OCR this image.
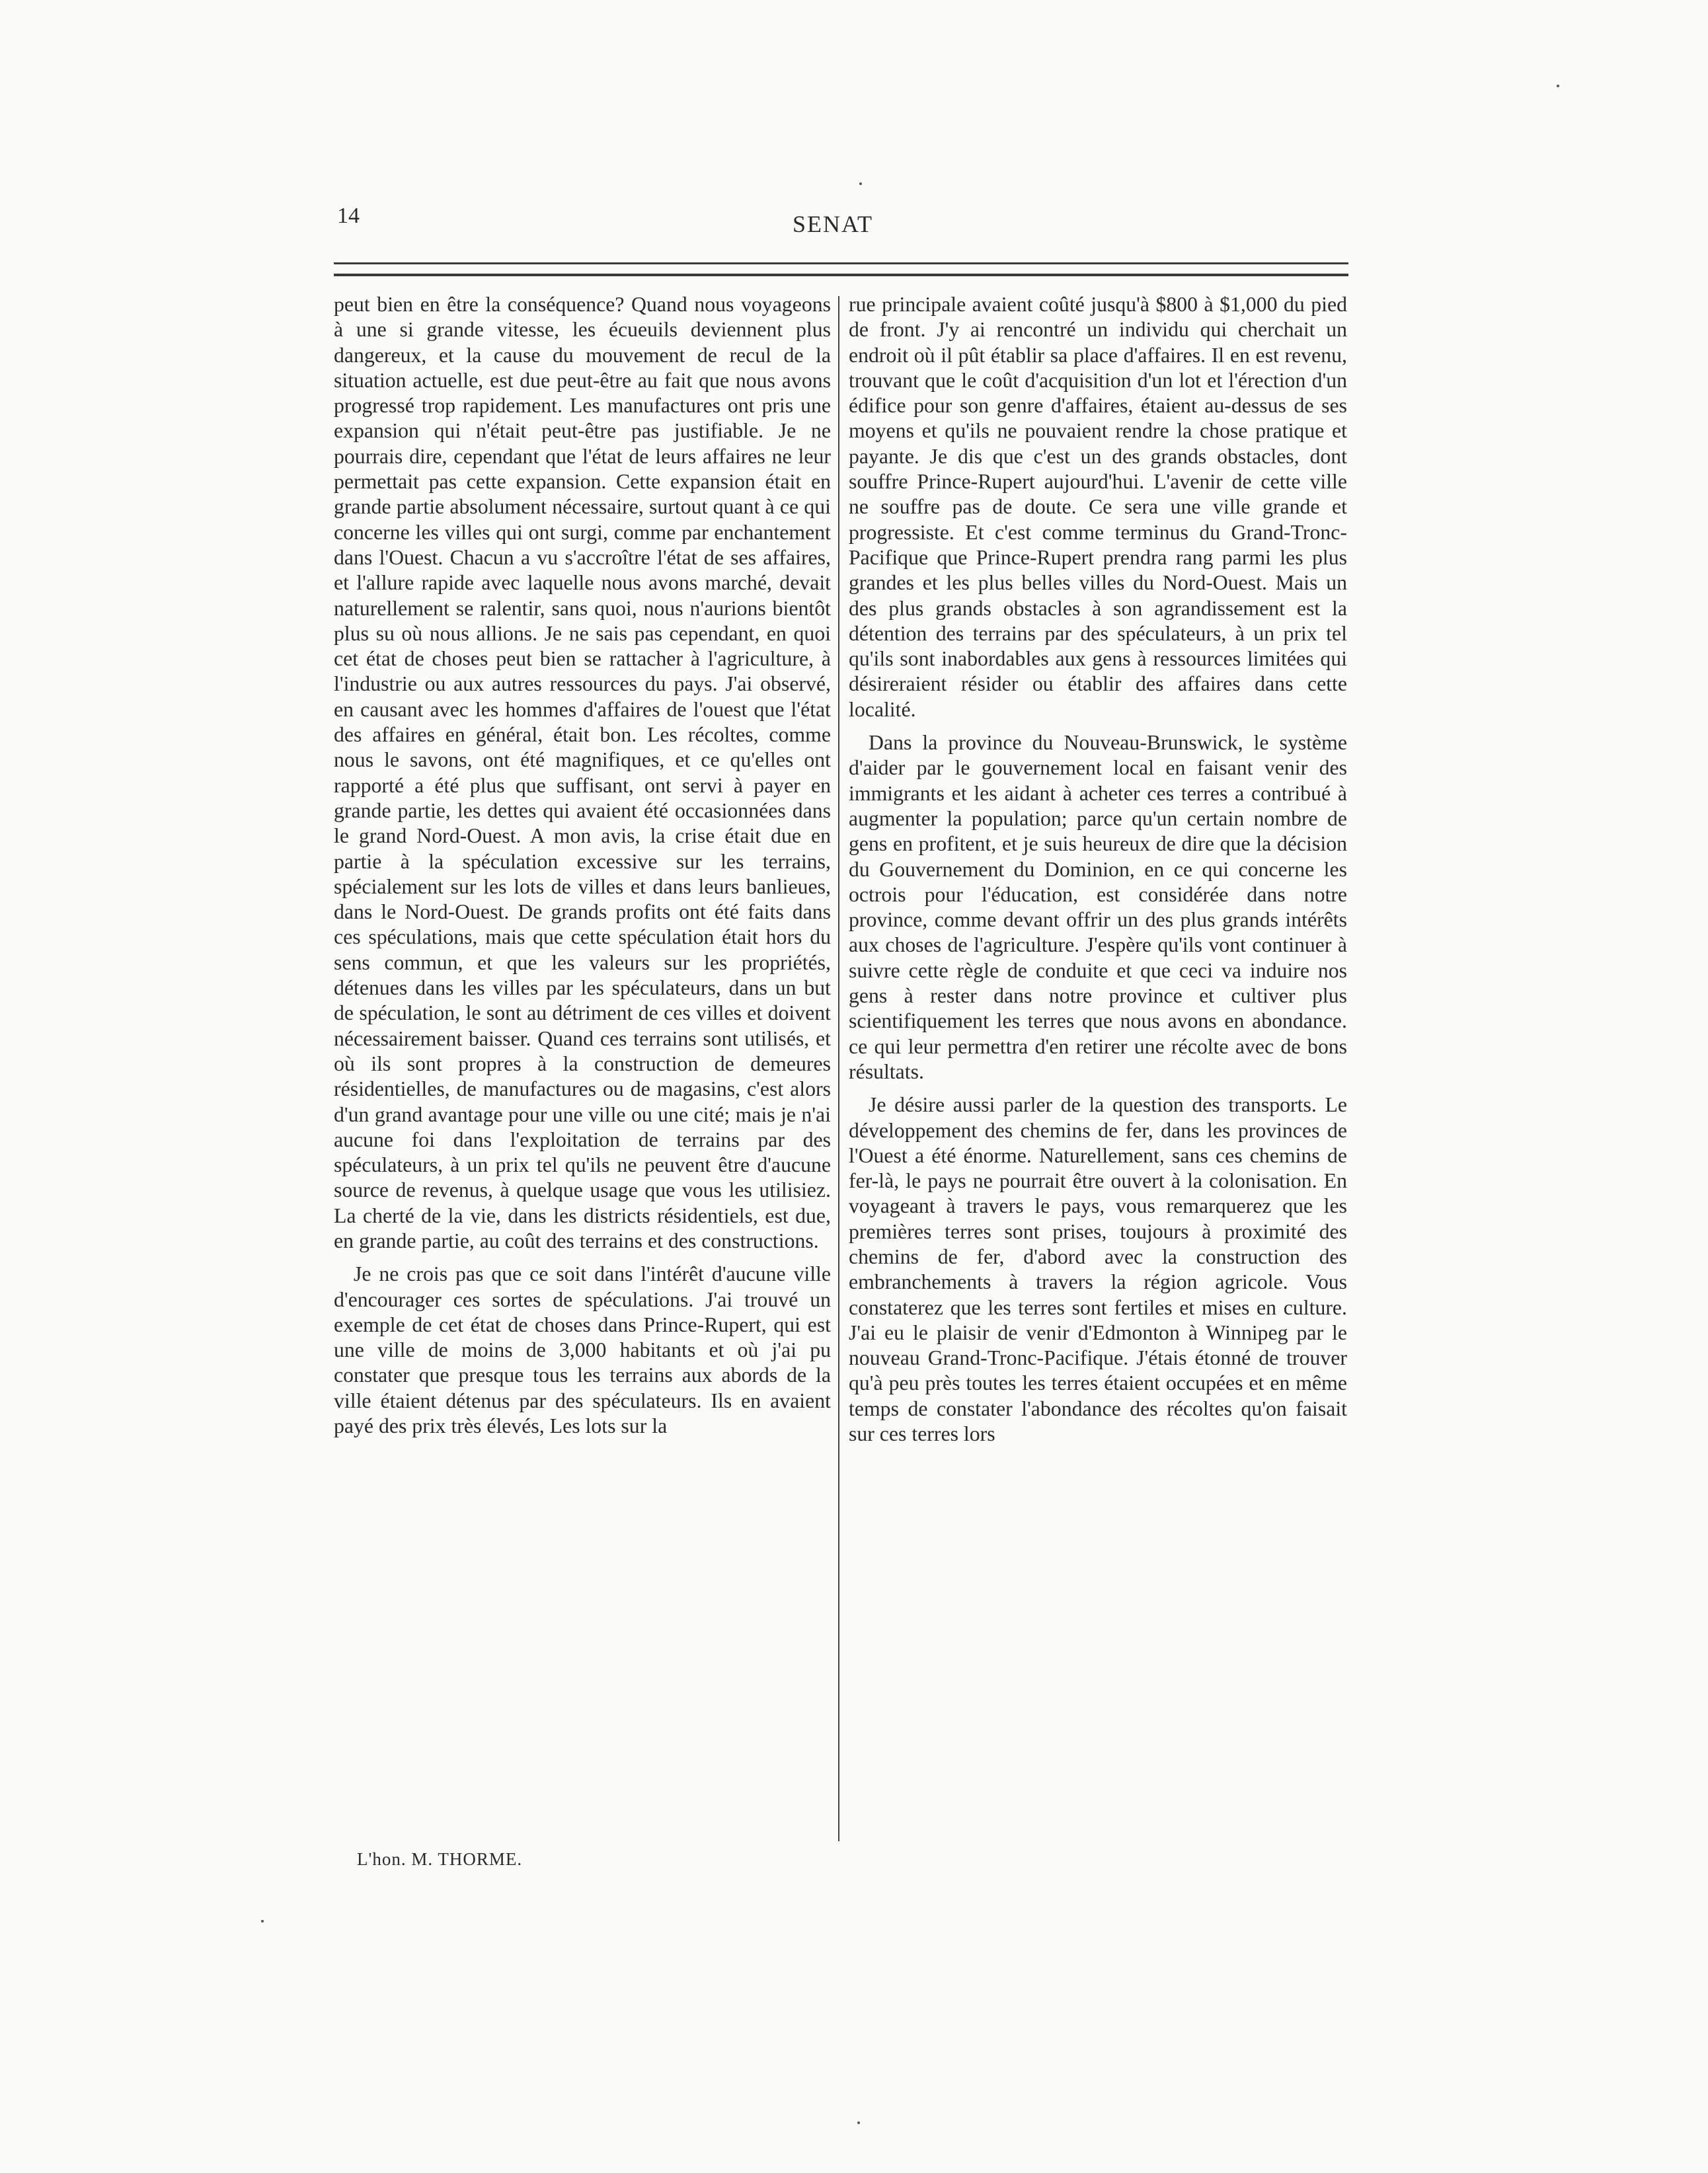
14	SENAT

peut bien en être la conséquence? Quand nous voyageons à une si grande vitesse, les écueuils deviennent plus dangereux, et la cause du mouvement de recul de la situation actuelle, est due peut-être au fait que nous avons progressé trop rapidement. Les manufactures ont pris une expansion qui n'était peut-être pas justifiable. Je ne pourrais dire, cependant que l'état de leurs affaires ne leur permettait pas cette expansion. Cette expansion était en grande partie absolument nécessaire, surtout quant à ce qui concerne les villes qui ont surgi, comme par enchantement dans l'Ouest. Chacun a vu s'accroître l'état de ses affaires, et l'allure rapide avec laquelle nous avons marché, devait naturellement se ralentir, sans quoi, nous n'aurions bientôt plus su où nous allions. Je ne sais pas cependant, en quoi cet état de choses peut bien se rattacher à l'agriculture, à l'industrie ou aux autres ressources du pays. J'ai observé, en causant avec les hommes d'affaires de l'ouest que l'état des affaires en général, était bon. Les récoltes, comme nous le savons, ont été magnifiques, et ce qu'elles ont rapporté a été plus que suffisant, ont servi à payer en grande partie, les dettes qui avaient été occasionnées dans le grand Nord-Ouest. A mon avis, la crise était due en partie à la spéculation excessive sur les terrains, spécialement sur les lots de villes et dans leurs banlieues, dans le Nord-Ouest. De grands profits ont été faits dans ces spéculations, mais que cette spéculation était hors du sens commun, et que les valeurs sur les propriétés, détenues dans les villes par les spéculateurs, dans un but de spéculation, le sont au détriment de ces villes et doivent nécessairement baisser. Quand ces terrains sont utilisés, et où ils sont propres à la construction de demeures résidentielles, de manufactures ou de magasins, c'est alors d'un grand avantage pour une ville ou une cité; mais je n'ai aucune foi dans l'exploitation de terrains par des spéculateurs, à un prix tel qu'ils ne peuvent être d'aucune source de revenus, à quelque usage que vous les utilisiez. La cherté de la vie, dans les districts résidentiels, est due, en grande partie, au coût des terrains et des constructions.

Je ne crois pas que ce soit dans l'intérêt d'aucune ville d'encourager ces sortes de spéculations. J'ai trouvé un exemple de cet état de choses dans Prince-Rupert, qui est une ville de moins de 3,000 habitants et où j'ai pu constater que presque tous les terrains aux abords de la ville étaient détenus par des spéculateurs. Ils en avaient payé des prix très élevés, Les lots sur la

rue principale avaient coûté jusqu'à $800 à $1,000 du pied de front. J'y ai rencontré un individu qui cherchait un endroit où il pût établir sa place d'affaires. Il en est revenu, trouvant que le coût d'acquisition d'un lot et l'érection d'un édifice pour son genre d'affaires, étaient au-dessus de ses moyens et qu'ils ne pouvaient rendre la chose pratique et payante. Je dis que c'est un des grands obstacles, dont souffre Prince-Rupert aujourd'hui. L'avenir de cette ville ne souffre pas de doute. Ce sera une ville grande et progressiste. Et c'est comme terminus du Grand-Tronc-Pacifique que Prince-Rupert prendra rang parmi les plus grandes et les plus belles villes du Nord-Ouest. Mais un des plus grands obstacles à son agrandissement est la détention des terrains par des spéculateurs, à un prix tel qu'ils sont inabordables aux gens à ressources limitées qui désireraient résider ou établir des affaires dans cette localité.

Dans la province du Nouveau-Brunswick, le système d'aider par le gouvernement local en faisant venir des immigrants et les aidant à acheter ces terres a contribué à augmenter la population; parce qu'un certain nombre de gens en profitent, et je suis heureux de dire que la décision du Gouvernement du Dominion, en ce qui concerne les octrois pour l'éducation, est considérée dans notre province, comme devant offrir un des plus grands intérêts aux choses de l'agriculture. J'espère qu'ils vont continuer à suivre cette règle de conduite et que ceci va induire nos gens à rester dans notre province et cultiver plus scientifiquement les terres que nous avons en abondance. ce qui leur permettra d'en retirer une récolte avec de bons résultats.

Je désire aussi parler de la question des transports. Le développement des chemins de fer, dans les provinces de l'Ouest a été énorme. Naturellement, sans ces chemins de fer-là, le pays ne pourrait être ouvert à la colonisation. En voyageant à travers le pays, vous remarquerez que les premières terres sont prises, toujours à proximité des chemins de fer, d'abord avec la construction des embranchements à travers la région agricole. Vous constaterez que les terres sont fertiles et mises en culture. J'ai eu le plaisir de venir d'Edmonton à Winnipeg par le nouveau Grand-Tronc-Pacifique. J'étais étonné de trouver qu'à peu près toutes les terres étaient occupées et en même temps de constater l'abondance des récoltes qu'on faisait sur ces terres lors

L'hon. M. THORME.
